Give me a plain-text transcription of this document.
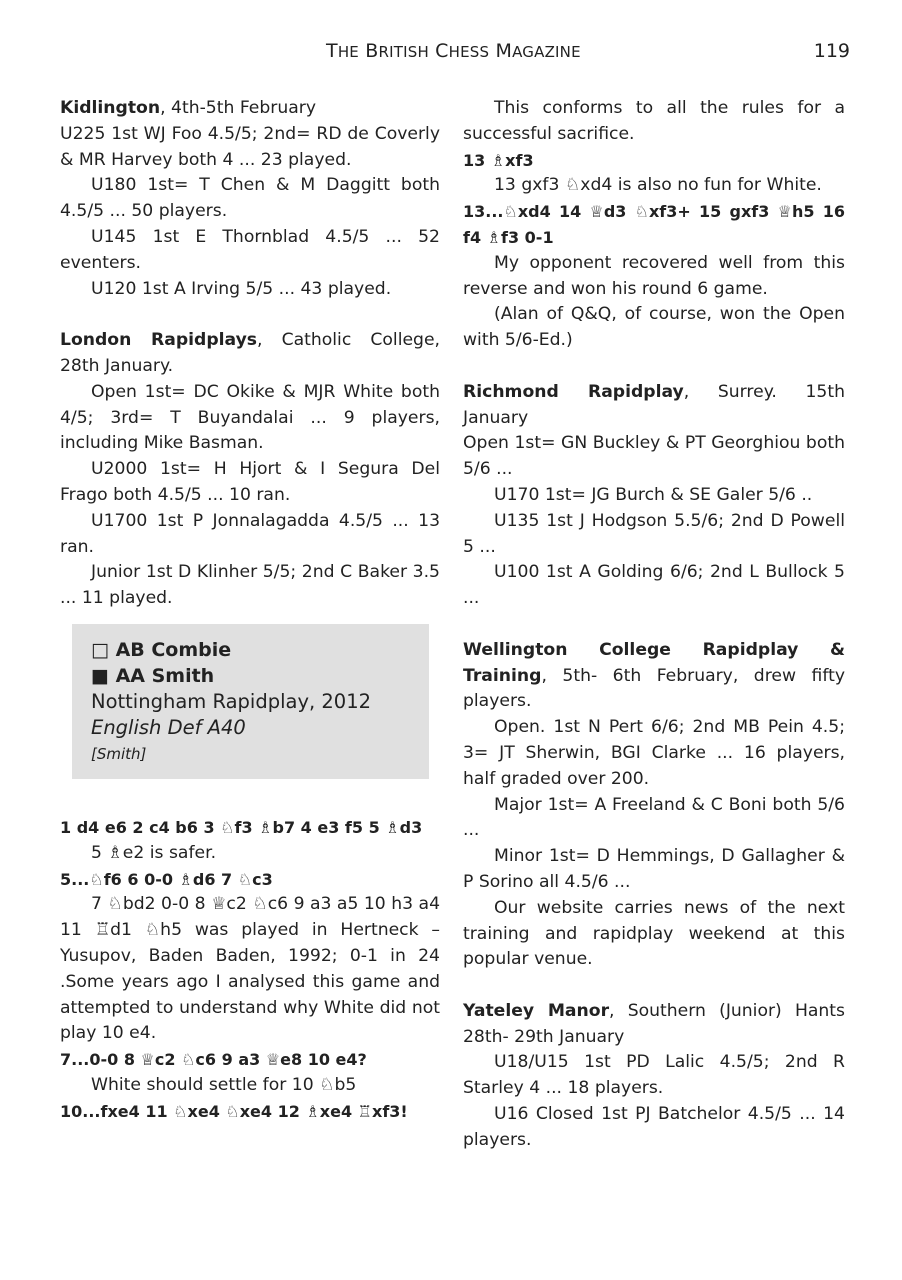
THE BRITISH CHESS MAGAZINE	119

Kidlington, 4th-5th February

U225 1st WJ Foo 4.5/5; 2nd= RD de Coverly & MR Harvey both 4 ... 23 played.

U180 1st= T Chen & M Daggitt both 4.5/5 ... 50 players.

U145 1st E Thornblad 4.5/5 ... 52 eventers.

U120 1st A Irving 5/5 ... 43 played.

London Rapidplays, Catholic College, 28th January.

Open 1st= DC Okike & MJR White both 4/5; 3rd= T Buyandalai ... 9 players, including Mike Basman.

U2000 1st= H Hjort & I Segura Del Frago both 4.5/5 ... 10 ran.

U1700 1st P Jonnalagadda 4.5/5 ... 13 ran.

Junior 1st D Klinher 5/5; 2nd C Baker 3.5 ... 11 played.

□ AB Combie
■ AA Smith
Nottingham Rapidplay, 2012
English Def A40
[Smith]

1 d4 e6 2 c4 b6 3 ♘f3 ♗b7 4 e3 f5 5 ♗d3

5 ♗e2 is safer.

5...♘f6 6 0-0 ♗d6 7 ♘c3

7 ♘bd2 0-0 8 ♕c2 ♘c6 9 a3 a5 10 h3 a4 11 ♖d1 ♘h5 was played in Hertneck – Yusupov, Baden Baden, 1992; 0-1 in 24 .Some years ago I analysed this game and attempted to understand why White did not play 10 e4.

7...0-0 8 ♕c2 ♘c6 9 a3 ♕e8 10 e4?

White should settle for 10 ♘b5

10...fxe4 11 ♘xe4 ♘xe4 12 ♗xe4 ♖xf3!

This conforms to all the rules for a successful sacrifice.

13 ♗xf3

13 gxf3 ♘xd4 is also no fun for White.

13...♘xd4 14 ♕d3 ♘xf3+ 15 gxf3 ♕h5 16 f4 ♗f3 0-1

My opponent recovered well from this reverse and won his round 6 game.

(Alan of Q&Q, of course, won the Open with 5/6-Ed.)

Richmond Rapidplay, Surrey. 15th January

Open 1st= GN Buckley & PT Georghiou both 5/6 ...

U170 1st= JG Burch & SE Galer 5/6 ..

U135 1st J Hodgson 5.5/6; 2nd D Powell 5 ...

U100 1st A Golding 6/6; 2nd L Bullock 5 ...

Wellington College Rapidplay & Training, 5th- 6th February, drew fifty players.

Open. 1st N Pert 6/6; 2nd MB Pein 4.5; 3= JT Sherwin, BGI Clarke ... 16 players, half graded over 200.

Major 1st= A Freeland & C Boni both 5/6 ...

Minor 1st= D Hemmings, D Gallagher & P Sorino all 4.5/6 ...

Our website carries news of the next training and rapidplay weekend at this popular venue.

Yateley Manor, Southern (Junior) Hants 28th- 29th January

U18/U15 1st PD Lalic 4.5/5; 2nd R Starley 4 ... 18 players.

U16 Closed 1st PJ Batchelor 4.5/5 ... 14 players.
